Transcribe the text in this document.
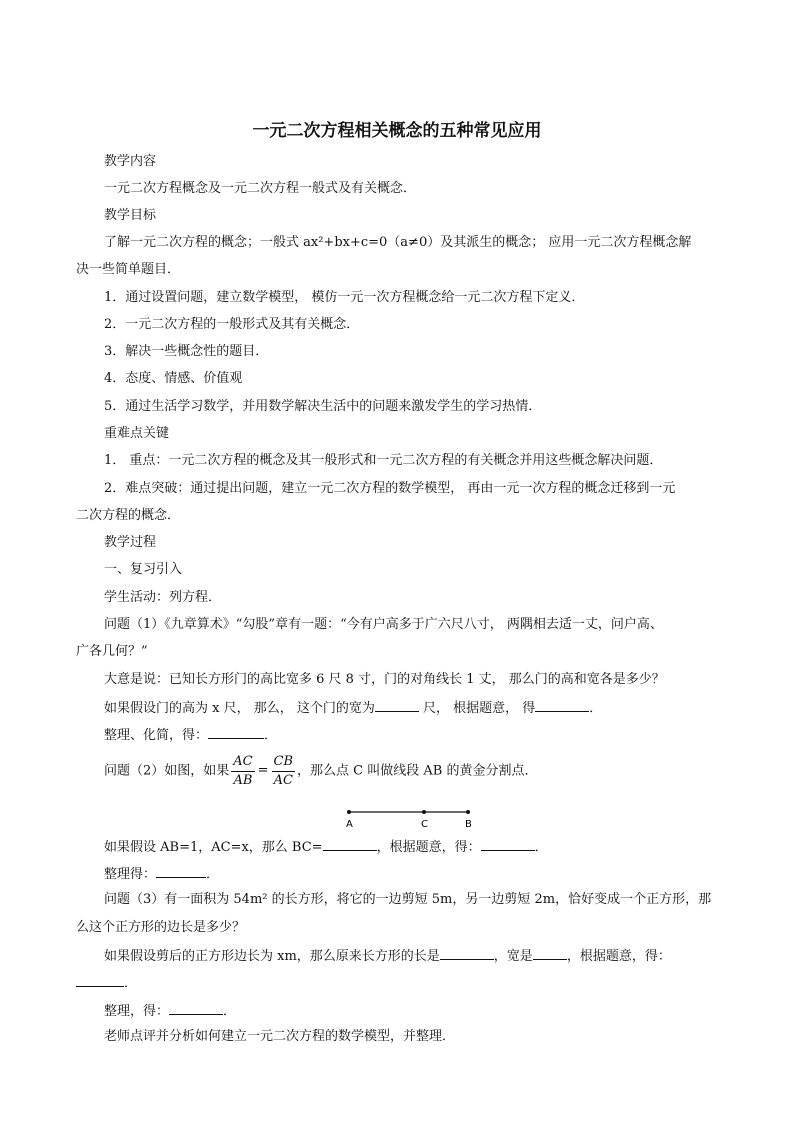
一元二次方程相关概念的五种常见应用
教学内容
一元二次方程概念及一元二次方程一般式及有关概念．
教学目标
了解一元二次方程的概念；一般式 ax²+bx+c=0（a≠0）及其派生的概念； 应用一元二次方程概念解
决一些简单题目．
1．通过设置问题，建立数学模型， 模仿一元一次方程概念给一元二次方程下定义．
2．一元二次方程的一般形式及其有关概念．
3．解决一些概念性的题目．
4．态度、情感、价值观
5．通过生活学习数学，并用数学解决生活中的问题来激发学生的学习热情．
重难点关键
1． 重点：一元二次方程的概念及其一般形式和一元二次方程的有关概念并用这些概念解决问题．
2．难点突破：通过提出问题，建立一元二次方程的数学模型， 再由一元一次方程的概念迁移到一元
二次方程的概念．
教学过程
一、复习引入
学生活动：列方程．
问题（1）《九章算术》“勾股”章有一题：“今有户高多于广六尺八寸， 两隅相去适一丈，问户高、
广各几何？”
大意是说：已知长方形门的高比宽多 6 尺 8 寸，门的对角线长 1 丈， 那么门的高和宽各是多少？
如果假设门的高为 x 尺， 那么， 这个门的宽为	尺， 根据题意， 得	．
整理、化简，得：	．
问题（2）如图，如果 $\frac{AC}{AB} = \frac{CB}{AC}$ ，那么点 C 叫做线段 AB 的黄金分割点．
A	C	B
如果假设 AB=1，AC=x，那么 BC=	，根据题意，得：	．
整理得：	．
问题（3）有一面积为 54m² 的长方形，将它的一边剪短 5m，另一边剪短 2m，恰好变成一个正方形，那
么这个正方形的边长是多少？
如果假设剪后的正方形边长为 xm，那么原来长方形的长是	，宽是	，根据题意，得：
．
整理，得：	．
老师点评并分析如何建立一元二次方程的数学模型，并整理．
